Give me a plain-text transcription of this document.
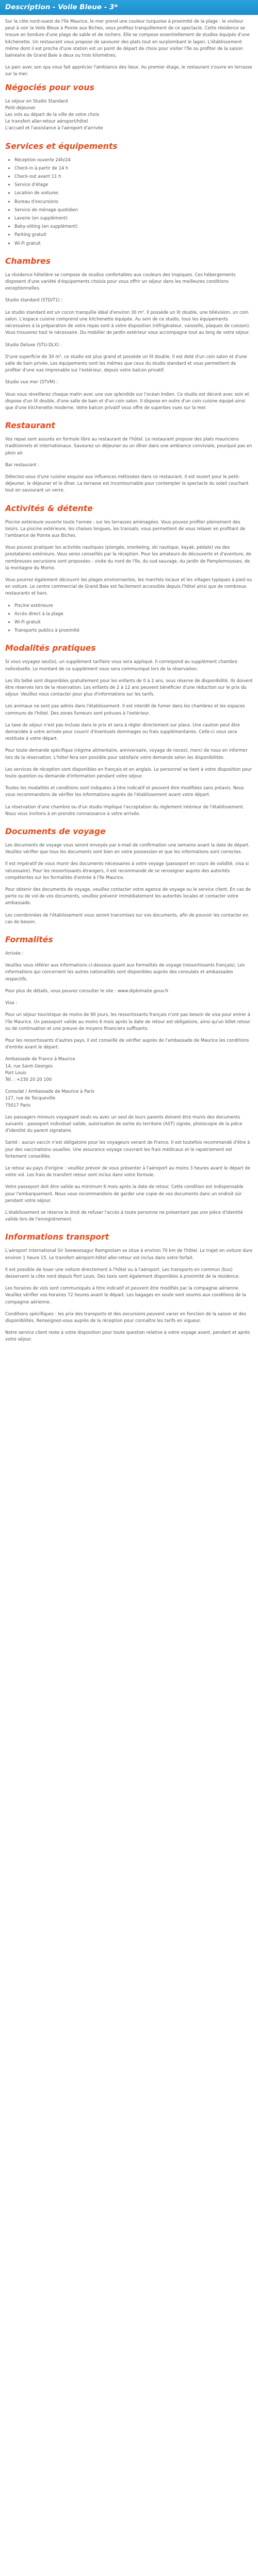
Description - Voile Bleue - 3*

Sur la côte nord-ouest de l'île Maurice, le mer prend une couleur turquoise à proximité de la plage : le visiteur peut à voir la Voile Bleue à Pointe aux Biches, vous profitez tranquillement de ce spectacle. Cette résidence se trouve en bordure d'une plage de sable et de rochers. Elle se compose essentiellement de studios équipés d'une kitchenette. Un restaurant vous propose de savourer des plats tout en surplombant le lagon. L'établissement même dont il est proche d'une station est un point de départ de choix pour visiter l'île ou profiter de la saison balnéaire de Grand Baie à deux ou trois kilomètres.

Le parc avec son spa vous fait apprécier l'ambiance des lieux. Au premier étage, le restaurant s'ouvre en terrasse sur la mer.

Négociés pour vous

Le séjour en Studio Standard
Petit-déjeuner
Les vols au départ de la ville de votre choix
Le transfert aller-retour aéroport/hôtel
L'accueil et l'assistance à l'aéroport d'arrivée

Services et équipements
• Réception ouverte 24h/24
• Check-in à partir de 14 h
• Check-out avant 11 h
• Service d'étage
• Location de voitures
• Bureau d'excursions
• Service de ménage quotidien
• Laverie (en supplément)
• Baby-sitting (en supplément)
• Parking gratuit
• Wi-Fi gratuit
Chambres

La résidence hôtelière se compose de studios confortables aux couleurs des tropiques. Ces hébergements disposent d'une variété d'équipements choisis pour vous offrir un séjour dans les meilleures conditions exceptionnelles.

Studio standard (STD/T1) :

Le studio standard est un cocon tranquille idéal d'environ 30 m². Il possède un lit double, une télévision, un coin salon. L'espace cuisine comprend une kitchenette équipée. Au sein de ce studio, tous les équipements nécessaires à la préparation de votre repas sont à votre disposition (réfrigérateur, vaisselle, plaques de cuisson). Vous trouverez tout le nécessaire. Du mobilier de jardin extérieur vous accompagne tout au long de votre séjour.

Studio Deluxe (STU-DLX) :

D'une superficie de 30 m², ce studio est plus grand et possède un lit double. Il est doté d'un coin salon et d'une salle de bain privée. Les équipements sont les mêmes que ceux du studio standard et vous permettent de profiter d'une vue imprenable sur l'extérieur, depuis votre balcon privatif.

Studio vue mer (STVM) :

Vous vous réveillerez chaque matin avec une vue splendide sur l'océan Indien. Ce studio est décoré avec soin et dispose d'un lit double, d'une salle de bain et d'un coin salon. Il dispose en outre d'un coin cuisine équipé ainsi que d'une kitchenette moderne. Votre balcon privatif vous offre de superbes vues sur la mer.

Restaurant

Vos repas sont assurés en formule libre au restaurant de l'hôtel. Le restaurant propose des plats mauriciens traditionnels et internationaux. Savourez un déjeuner ou un dîner dans une ambiance conviviale, pourquoi pas en plein air.

Bar restaurant :

Délectez-vous d'une cuisine exquise aux influences métissées dans ce restaurant. Il est ouvert pour le petit-déjeuner, le déjeuner et le dîner. La terrasse est incontournable pour contempler le spectacle du soleil couchant tout en savourant un verre.

Activités & détente

Piscine extérieure ouverte toute l'année : sur les terrasses aménagées. Vous pouvez profiter pleinement des loisirs. La piscine extérieure, les chaises longues, les transats, vous permettent de vous relaxer en profitant de l'ambiance de Pointe aux Biches.

Vous pouvez pratiquer les activités nautiques (plongée, snorkeling, ski nautique, kayak, pédalo) via des prestataires extérieurs. Vous serez conseillés par la réception. Pour les amateurs de découverte et d'aventure, de nombreuses excursions sont proposées : visite du nord de l'île, du sud sauvage, du jardin de Pamplemousses, de la montagne du Morne.

Vous pourrez également découvrir les plages environnantes, les marchés locaux et les villages typiques à pied ou en voiture. Le centre commercial de Grand Baie est facilement accessible depuis l'hôtel ainsi que de nombreux restaurants et bars.

• Piscine extérieure
• Accès direct à la plage
• Wi-Fi gratuit
• Transports publics à proximité
Modalités pratiques

Si vous voyagez seul(e), un supplément tarifaire vous sera appliqué. Il correspond au supplément chambre individuelle. Le montant de ce supplément vous sera communiqué lors de la réservation.

Les lits bébé sont disponibles gratuitement pour les enfants de 0 à 2 ans, sous réserve de disponibilité. Ils doivent être réservés lors de la réservation. Les enfants de 2 à 12 ans peuvent bénéficier d'une réduction sur le prix du séjour. Veuillez nous contacter pour plus d'informations sur les tarifs.

Les animaux ne sont pas admis dans l'établissement. Il est interdit de fumer dans les chambres et les espaces communs de l'hôtel. Des zones fumeurs sont prévues à l'extérieur.

La taxe de séjour n'est pas incluse dans le prix et sera à régler directement sur place. Une caution peut être demandée à votre arrivée pour couvrir d'éventuels dommages ou frais supplémentaires. Celle-ci vous sera restituée à votre départ.

Pour toute demande spécifique (régime alimentaire, anniversaire, voyage de noces), merci de nous en informer lors de la réservation. L'hôtel fera son possible pour satisfaire votre demande selon les disponibilités.

Les services de réception sont disponibles en français et en anglais. Le personnel se tient à votre disposition pour toute question ou demande d'information pendant votre séjour.

Toutes les modalités et conditions sont indiquées à titre indicatif et peuvent être modifiées sans préavis. Nous vous recommandons de vérifier les informations auprès de l'établissement avant votre départ.

La réservation d'une chambre ou d'un studio implique l'acceptation du règlement intérieur de l'établissement. Nous vous invitons à en prendre connaissance à votre arrivée.

Documents de voyage

Les documents de voyage vous seront envoyés par e-mail de confirmation une semaine avant la date de départ. Veuillez vérifier que tous les documents sont bien en votre possession et que les informations sont correctes.

Il est impératif de vous munir des documents nécessaires à votre voyage (passeport en cours de validité, visa si nécessaire). Pour les ressortissants étrangers, il est recommandé de se renseigner auprès des autorités compétentes sur les formalités d'entrée à l'île Maurice.

Pour obtenir des documents de voyage, veuillez contacter votre agence de voyage ou le service client. En cas de perte ou de vol de vos documents, veuillez prévenir immédiatement les autorités locales et contacter votre ambassade.

Les coordonnées de l'établissement vous seront transmises sur vos documents, afin de pouvoir les contacter en cas de besoin.

Formalités

Arrivée :

Veuillez vous référer aux informations ci-dessous quant aux formalités de voyage (ressortissants français). Les informations qui concernent les autres nationalités sont disponibles auprès des consulats et ambassades respectifs.

Pour plus de détails, vous pouvez consulter le site : www.diplomatie.gouv.fr

Visa :

Pour un séjour touristique de moins de 90 jours, les ressortissants français n'ont pas besoin de visa pour entrer à l'île Maurice. Un passeport valide au moins 6 mois après la date de retour est obligatoire, ainsi qu'un billet retour ou de continuation et une preuve de moyens financiers suffisants.

Pour les ressortissants d'autres pays, il est conseillé de vérifier auprès de l'ambassade de Maurice les conditions d'entrée avant le départ.

Ambassade de France à Maurice
14, rue Saint-Georges
Port Louis
Tél. : +230 20 20 100

Consulat / Ambassade de Maurice à Paris
127, rue de Tocqueville
75017 Paris

Les passagers mineurs voyageant seuls ou avec un seul de leurs parents doivent être munis des documents suivants : passeport individuel valide, autorisation de sortie du territoire (AST) signée, photocopie de la pièce d'identité du parent signataire.

Santé : aucun vaccin n'est obligatoire pour les voyageurs venant de France. Il est toutefois recommandé d'être à jour des vaccinations usuelles. Une assurance voyage couvrant les frais médicaux et le rapatriement est fortement conseillée.

Le retour au pays d'origine : veuillez prévoir de vous présenter à l'aéroport au moins 3 heures avant le départ de votre vol. Les frais de transfert retour sont inclus dans votre formule.

Votre passeport doit être valide au minimum 6 mois après la date de retour. Cette condition est indispensable pour l'embarquement. Nous vous recommandons de garder une copie de vos documents dans un endroit sûr pendant votre séjour.

L'établissement se réserve le droit de refuser l'accès à toute personne ne présentant pas une pièce d'identité valide lors de l'enregistrement.

Informations transport

L'aéroport international Sir Seewoosagur Ramgoolam se situe à environ 70 km de l'hôtel. Le trajet en voiture dure environ 1 heure 15. Le transfert aéroport-hôtel aller-retour est inclus dans votre forfait.

Il est possible de louer une voiture directement à l'hôtel ou à l'aéroport. Les transports en commun (bus) desservent la côte nord depuis Port Louis. Des taxis sont également disponibles à proximité de la résidence.

Les horaires de vols sont communiqués à titre indicatif et peuvent être modifiés par la compagnie aérienne. Veuillez vérifier vos horaires 72 heures avant le départ. Les bagages en soute sont soumis aux conditions de la compagnie aérienne.

Conditions spécifiques : les prix des transports et des excursions peuvent varier en fonction de la saison et des disponibilités. Renseignez-vous auprès de la réception pour connaître les tarifs en vigueur.

Notre service client reste à votre disposition pour toute question relative à votre voyage avant, pendant et après votre séjour.
